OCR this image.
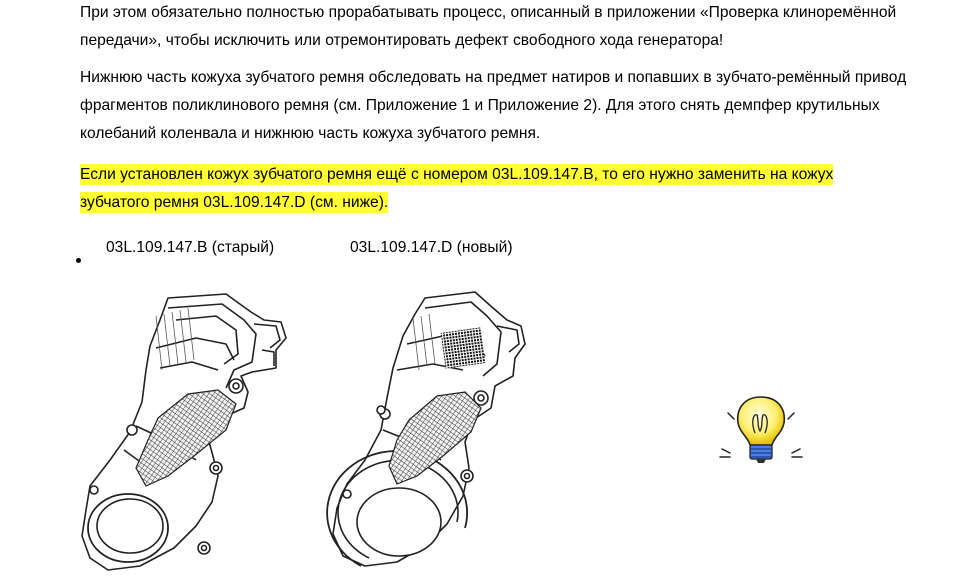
При этом обязательно полностью прорабатывать процесс, описанный в приложении «Проверка клиноремённой передачи», чтобы исключить или отремонтировать дефект свободного хода генератора!

Нижнюю часть кожуха зубчатого ремня обследовать на предмет натиров и попавших в зубчато-ремённый привод фрагментов поликлинового ремня (см. Приложение 1 и Приложение 2). Для этого снять демпфер крутильных колебаний коленвала и нижнюю часть кожуха зубчатого ремня.

Если установлен кожух зубчатого ремня ещё с номером 03L.109.147.B, то его нужно заменить на кожух зубчатого ремня 03L.109.147.D (см. ниже).
03L.109.147.B (старый)	03L.109.147.D (новый)
